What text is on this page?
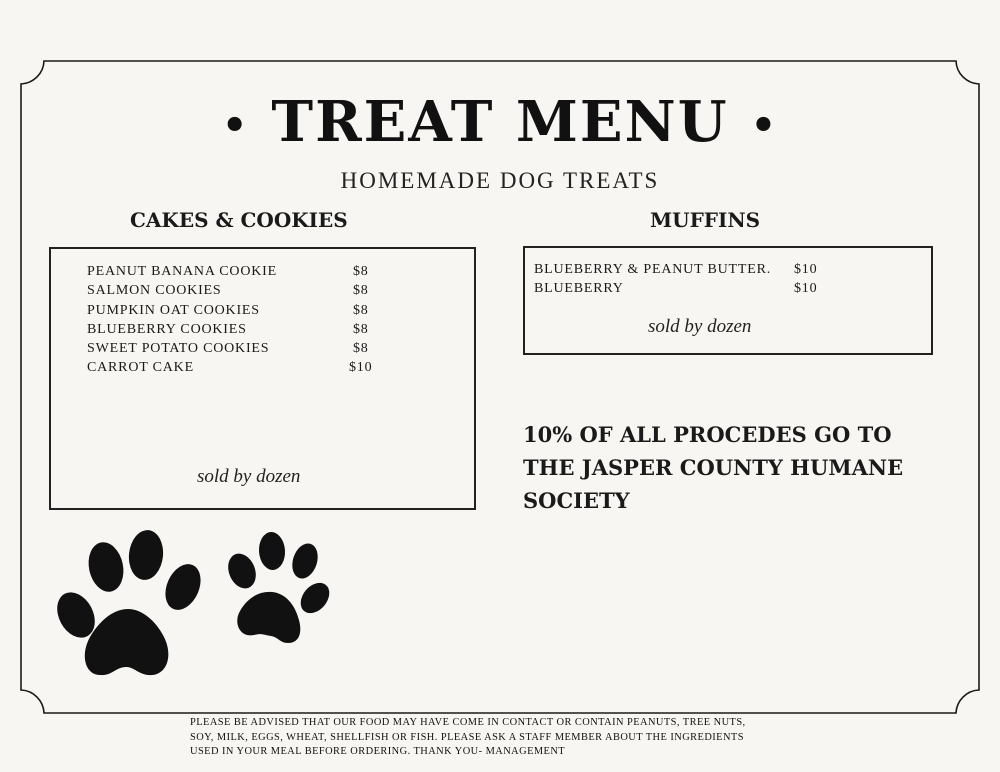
• TREAT MENU •
HOMEMADE DOG TREATS
CAKES & COOKIES	MUFFINS
PEANUT BANANA COOKIE	$8
SALMON COOKIES	$8
PUMPKIN OAT COOKIES	$8
BLUEBERRY COOKIES	$8
SWEET POTATO COOKIES	$8
CARROT CAKE	$10
BLUEBERRY & PEANUT BUTTER. $10
BLUEBERRY	$10
sold by dozen
sold by dozen
10% OF ALL PROCEDES GO TO
THE JASPER COUNTY HUMANE
SOCIETY
PLEASE BE ADVISED THAT OUR FOOD MAY HAVE COME IN CONTACT OR CONTAIN PEANUTS, TREE NUTS,
SOY, MILK, EGGS, WHEAT, SHELLFISH OR FISH. PLEASE ASK A STAFF MEMBER ABOUT THE INGREDIENTS
USED IN YOUR MEAL BEFORE ORDERING. THANK YOU- MANAGEMENT
